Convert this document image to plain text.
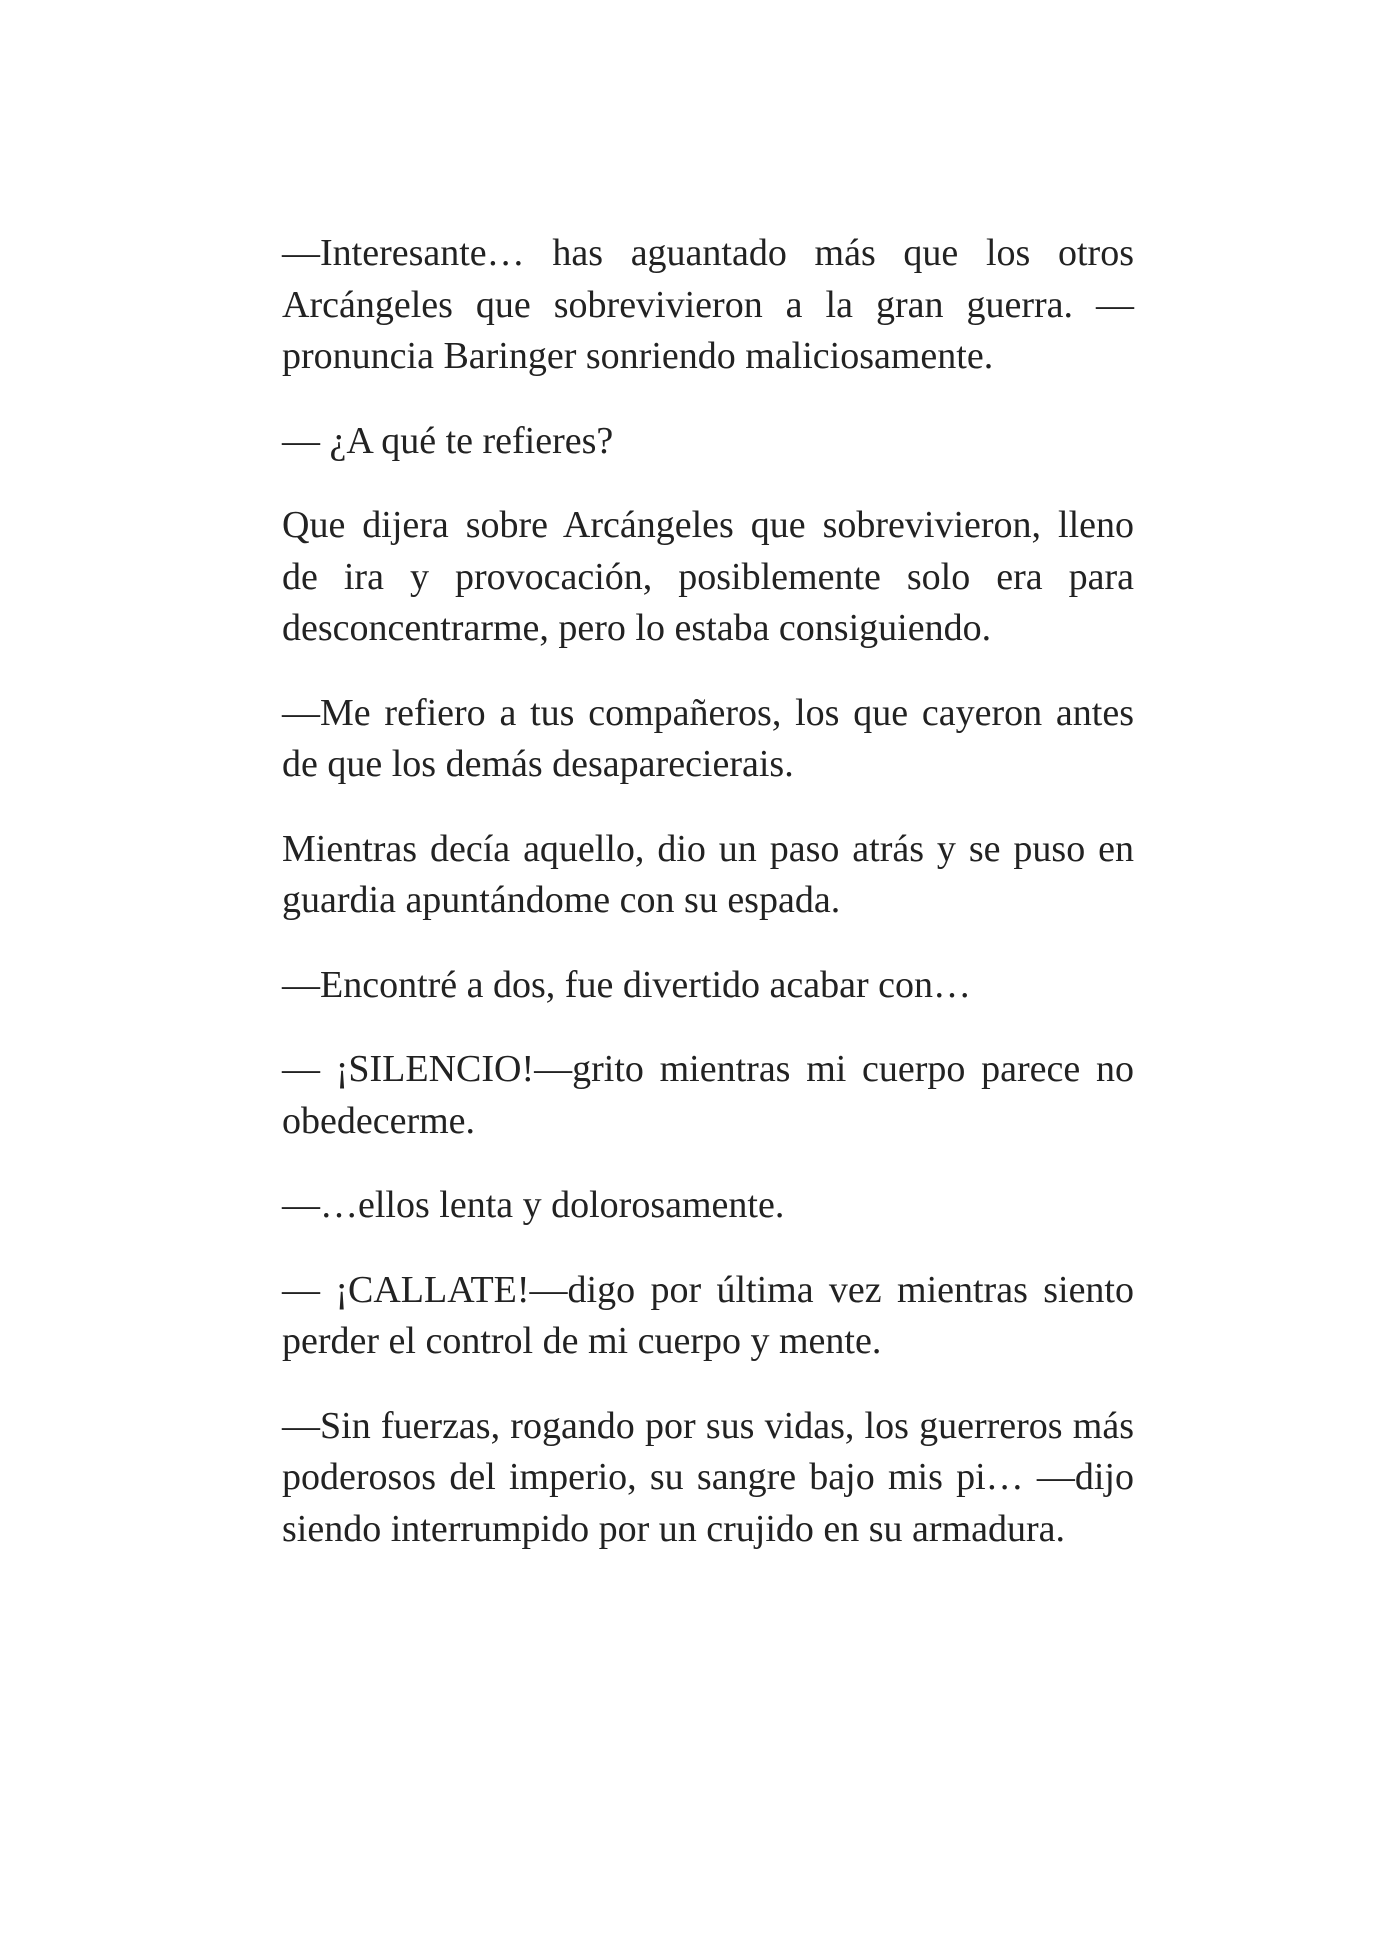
—Interesante… has aguantado más que los otros Arcángeles que sobrevivieron a la gran guerra. —pronuncia Baringer sonriendo maliciosamente.

— ¿A qué te refieres?

Que dijera sobre Arcángeles que sobrevivieron, lleno de ira y provocación, posiblemente solo era para desconcentrarme, pero lo estaba consiguiendo.

—Me refiero a tus compañeros, los que cayeron antes de que los demás desaparecierais.

Mientras decía aquello, dio un paso atrás y se puso en guardia apuntándome con su espada.

—Encontré a dos, fue divertido acabar con…

— ¡SILENCIO!—grito mientras mi cuerpo parece no obedecerme.

—…ellos lenta y dolorosamente.

— ¡CALLATE!—digo por última vez mientras siento perder el control de mi cuerpo y mente.

—Sin fuerzas, rogando por sus vidas, los guerreros más poderosos del imperio, su sangre bajo mis pi… —dijo siendo interrumpido por un crujido en su armadura.
